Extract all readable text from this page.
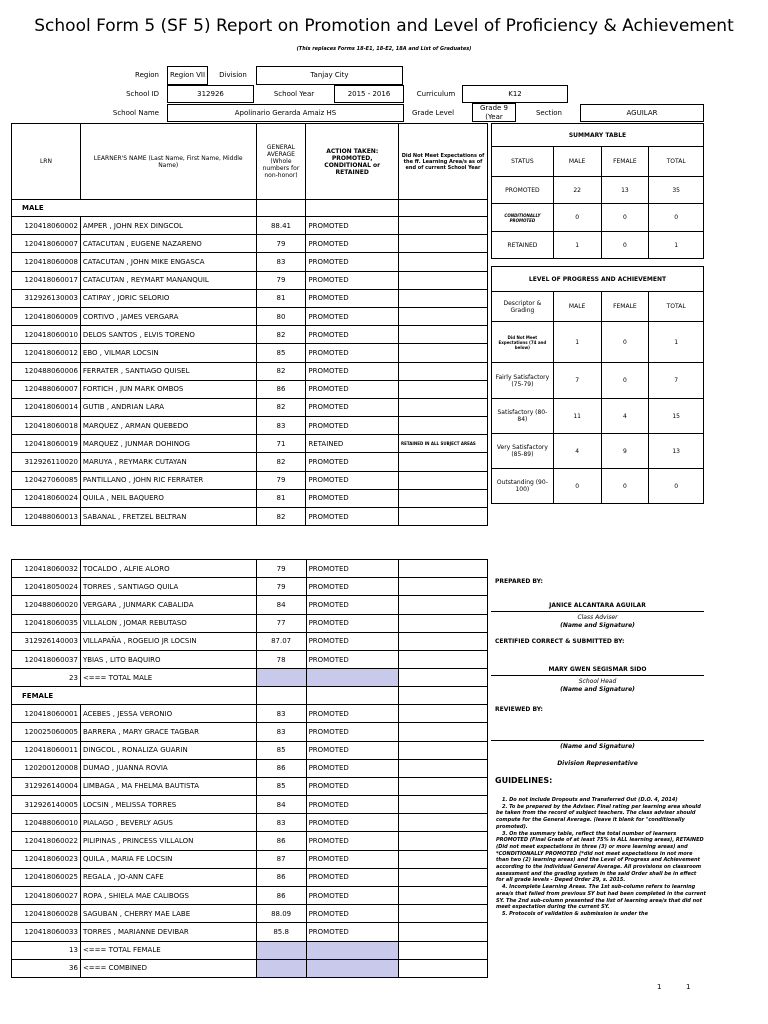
School Form 5 (SF 5) Report on Promotion and Level of Proficiency & Achievement
(This replaces Forms 18-E1, 18-E2, 18A and List of Graduates)
Region	Region VII	Division	Tanjay City
School ID	312926	School Year	2015 - 2016	Curriculum	K12
School Name	Apolinario Gerarda Amaiz HS	Grade Level
Grade 9 (Year	Section	AGUILAR
LRN	LEARNER'S NAME (Last Name, First Name, Middle Name)	GENERAL AVERAGE (Whole numbers for non-honor)	ACTION TAKEN: PROMOTED, CONDITIONAL or RETAINED	Did Not Meet Expectations of the ff. Learning Area/s as of end of current School Year
MALE				
120418060002	AMPER , JOHN REX DINGCOL	88.41	PROMOTED	
120418060007	CATACUTAN , EUGENE NAZARENO	79	PROMOTED	
120418060008	CATACUTAN , JOHN MIKE ENGASCA	83	PROMOTED	
120418060017	CATACUTAN , REYMART MANANQUIL	79	PROMOTED	
312926130003	CATIPAY , JORIC SELORIO	81	PROMOTED	
120418060009	CORTIVO , JAMES VERGARA	80	PROMOTED	
120418060010	DELOS SANTOS , ELVIS TORENO	82	PROMOTED	
120418060012	EBO , VILMAR LOCSIN	85	PROMOTED	
120488060006	FERRATER , SANTIAGO QUISEL	82	PROMOTED	
120488060007	FORTICH , JUN MARK OMBOS	86	PROMOTED	
120418060014	GUTIB , ANDRIAN LARA	82	PROMOTED	
120418060018	MARQUEZ , ARMAN QUEBEDO	83	PROMOTED	
120418060019	MARQUEZ , JUNMAR DOHINOG	71	RETAINED	RETAINED IN ALL SUBJECT AREAS
312926110020	MARUYA , REYMARK CUTAYAN	82	PROMOTED	
120427060085	PANTILLANO , JOHN RIC FERRATER	79	PROMOTED	
120418060024	QUILA , NEIL BAQUERO	81	PROMOTED	
120488060013	SABANAL , FRETZEL BELTRAN	82	PROMOTED	
120418060032	TOCALDO , ALFIE ALORO	79	PROMOTED	
120418050024	TORRES , SANTIAGO QUILA	79	PROMOTED	
120488060020	VERGARA , JUNMARK CABALIDA	84	PROMOTED	
120418060035	VILLALON , JOMAR REBUTASO	77	PROMOTED	
312926140003	VILLAPAÑA , ROGELIO JR LOCSIN	87.07	PROMOTED	
120418060037	YBIAS , LITO BAQUIRO	78	PROMOTED	
23	<=== TOTAL MALE			
FEMALE				
120418060001	ACEBES , JESSA VERONIO	83	PROMOTED	
120025060005	BARRERA , MARY GRACE TAGBAR	83	PROMOTED	
120418060011	DINGCOL , RONALIZA GUARIN	85	PROMOTED	
120200120008	DUMAO , JUANNA ROVIA	86	PROMOTED	
312926140004	LIMBAGA , MA FHELMA BAUTISTA	85	PROMOTED	
312926140005	LOCSIN , MELISSA TORRES	84	PROMOTED	
120488060010	PIALAGO , BEVERLY AGUS	83	PROMOTED	
120418060022	PILIPINAS , PRINCESS VILLALON	86	PROMOTED	
120418060023	QUILA , MARIA FE LOCSIN	87	PROMOTED	
120418060025	REGALA , JO-ANN CAFE	86	PROMOTED	
120418060027	ROPA , SHIELA MAE CALIBOGS	86	PROMOTED	
120418060028	SAGUBAN , CHERRY MAE LABE	88.09	PROMOTED	
120418060033	TORRES , MARIANNE DEVIBAR	85.8	PROMOTED	
13	<=== TOTAL FEMALE			
36	<=== COMBINED			
SUMMARY TABLE			
STATUS	MALE	FEMALE	TOTAL
PROMOTED	22	13	35
CONDITIONALLY PROMOTED	0	0	0
RETAINED	1	0	1
LEVEL OF PROGRESS AND ACHIEVEMENT			
Descriptor & Grading	MALE	FEMALE	TOTAL
Did Not Meet Expectations (74 and below)	1	0	1
Fairly Satisfactory (75-79)	7	0	7
Satisfactory (80-84)	11	4	15
Very Satisfactory (85-89)	4	9	13
Outstanding (90-100)	0	0	0
PREPARED BY:
JANICE ALCANTARA AGUILAR
Class Adviser
(Name and Signature)
CERTIFIED CORRECT & SUBMITTED BY:
MARY GWEN SEGISMAR SIDO
School Head
(Name and Signature)
REVIEWED BY:
(Name and Signature)
Division Representative
GUIDELINES:
1. Do not include Dropouts and Transferred Out (D.O. 4, 2014)
2. To be prepared by the Adviser. Final rating per learning area should be taken from the record of subject teachers. The class adviser should compute for the General Average. (leave it blank for "conditionally promoted).
3. On the summary table, reflect the total number of learners PROMOTED (Final Grade of at least 75% in ALL learning areas), RETAINED (Did not meet expectations in three (3) or more learning areas) and *CONDITIONALLY PROMOTED (*did not meet expectations in not more than two (2) learning areas) and the Level of Progress and Achievement according to the individual General Average. All provisions on classroom assessment and the grading system in the said Order shall be in effect for all grade levels - Deped Order 29, s. 2015.
4. Incomplete Learning Areas. The 1st sub-column refers to learning area/s that failed from previous SY but had been completed in the current SY. The 2nd sub-column presented the list of learning area/s that did not meet expectation during the current SY.
5. Protocols of validation & submission is under the
1	1
